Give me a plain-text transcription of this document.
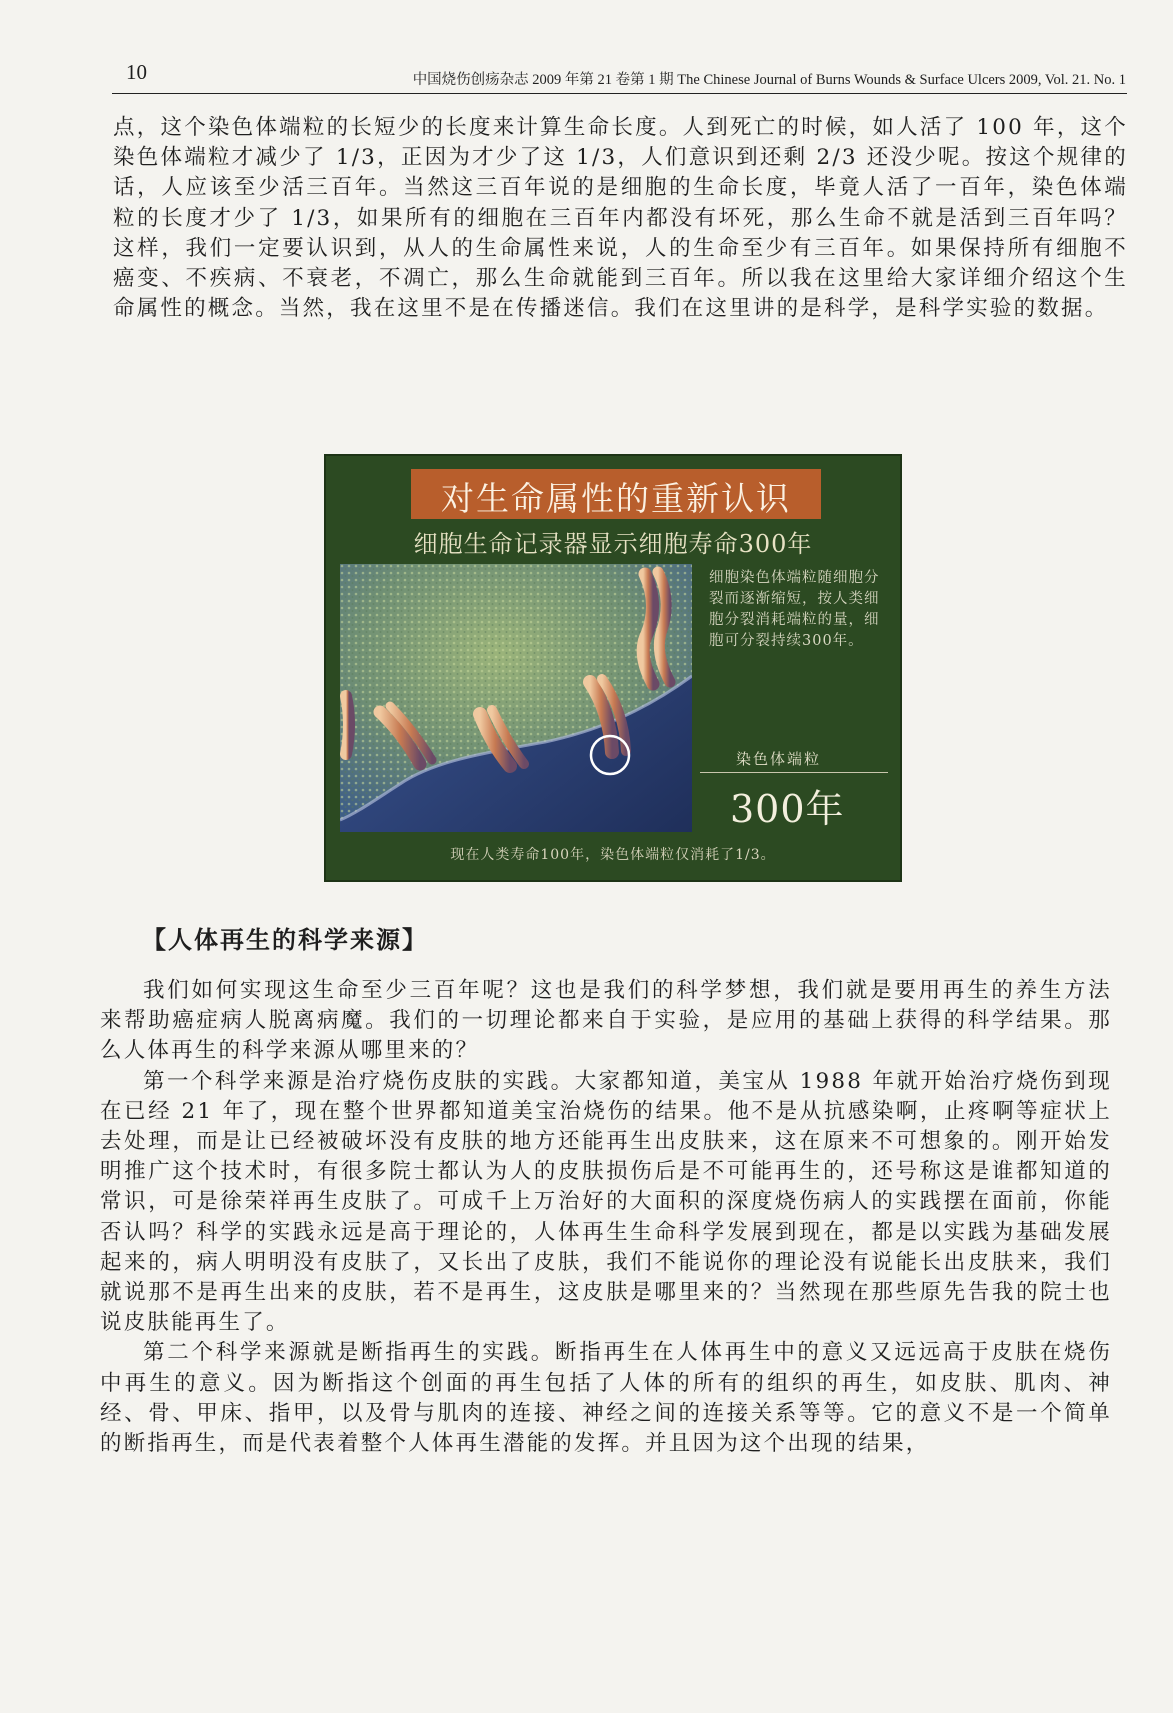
10	中国烧伤创疡杂志 2009 年第 21 卷第 1 期 The Chinese Journal of Burns Wounds & Surface Ulcers 2009, Vol. 21. No. 1

点，这个染色体端粒的长短少的长度来计算生命长度。人到死亡的时候，如人活了 100 年，这个染色体端粒才减少了 1/3，正因为才少了这 1/3，人们意识到还剩 2/3 还没少呢。按这个规律的话，人应该至少活三百年。当然这三百年说的是细胞的生命长度，毕竟人活了一百年，染色体端粒的长度才少了 1/3，如果所有的细胞在三百年内都没有坏死，那么生命不就是活到三百年吗？这样，我们一定要认识到，从人的生命属性来说，人的生命至少有三百年。如果保持所有细胞不癌变、不疾病、不衰老，不凋亡，那么生命就能到三百年。所以我在这里给大家详细介绍这个生命属性的概念。当然，我在这里不是在传播迷信。我们在这里讲的是科学，是科学实验的数据。

对生命属性的重新认识
细胞生命记录器显示细胞寿命300年
细胞染色体端粒随细胞分裂而逐渐缩短，按人类细胞分裂消耗端粒的量，细胞可分裂持续300年。
染色体端粒
300年
现在人类寿命100年，染色体端粒仅消耗了1/3。
【人体再生的科学来源】

我们如何实现这生命至少三百年呢？这也是我们的科学梦想，我们就是要用再生的养生方法来帮助癌症病人脱离病魔。我们的一切理论都来自于实验，是应用的基础上获得的科学结果。那么人体再生的科学来源从哪里来的？

第一个科学来源是治疗烧伤皮肤的实践。大家都知道，美宝从 1988 年就开始治疗烧伤到现在已经 21 年了，现在整个世界都知道美宝治烧伤的结果。他不是从抗感染啊，止疼啊等症状上去处理，而是让已经被破坏没有皮肤的地方还能再生出皮肤来，这在原来不可想象的。刚开始发明推广这个技术时，有很多院士都认为人的皮肤损伤后是不可能再生的，还号称这是谁都知道的常识，可是徐荣祥再生皮肤了。可成千上万治好的大面积的深度烧伤病人的实践摆在面前，你能否认吗？科学的实践永远是高于理论的，人体再生生命科学发展到现在，都是以实践为基础发展起来的，病人明明没有皮肤了，又长出了皮肤，我们不能说你的理论没有说能长出皮肤来，我们就说那不是再生出来的皮肤，若不是再生，这皮肤是哪里来的？当然现在那些原先告我的院士也说皮肤能再生了。

第二个科学来源就是断指再生的实践。断指再生在人体再生中的意义又远远高于皮肤在烧伤中再生的意义。因为断指这个创面的再生包括了人体的所有的组织的再生，如皮肤、肌肉、神经、骨、甲床、指甲，以及骨与肌肉的连接、神经之间的连接关系等等。它的意义不是一个简单的断指再生，而是代表着整个人体再生潜能的发挥。并且因为这个出现的结果，
